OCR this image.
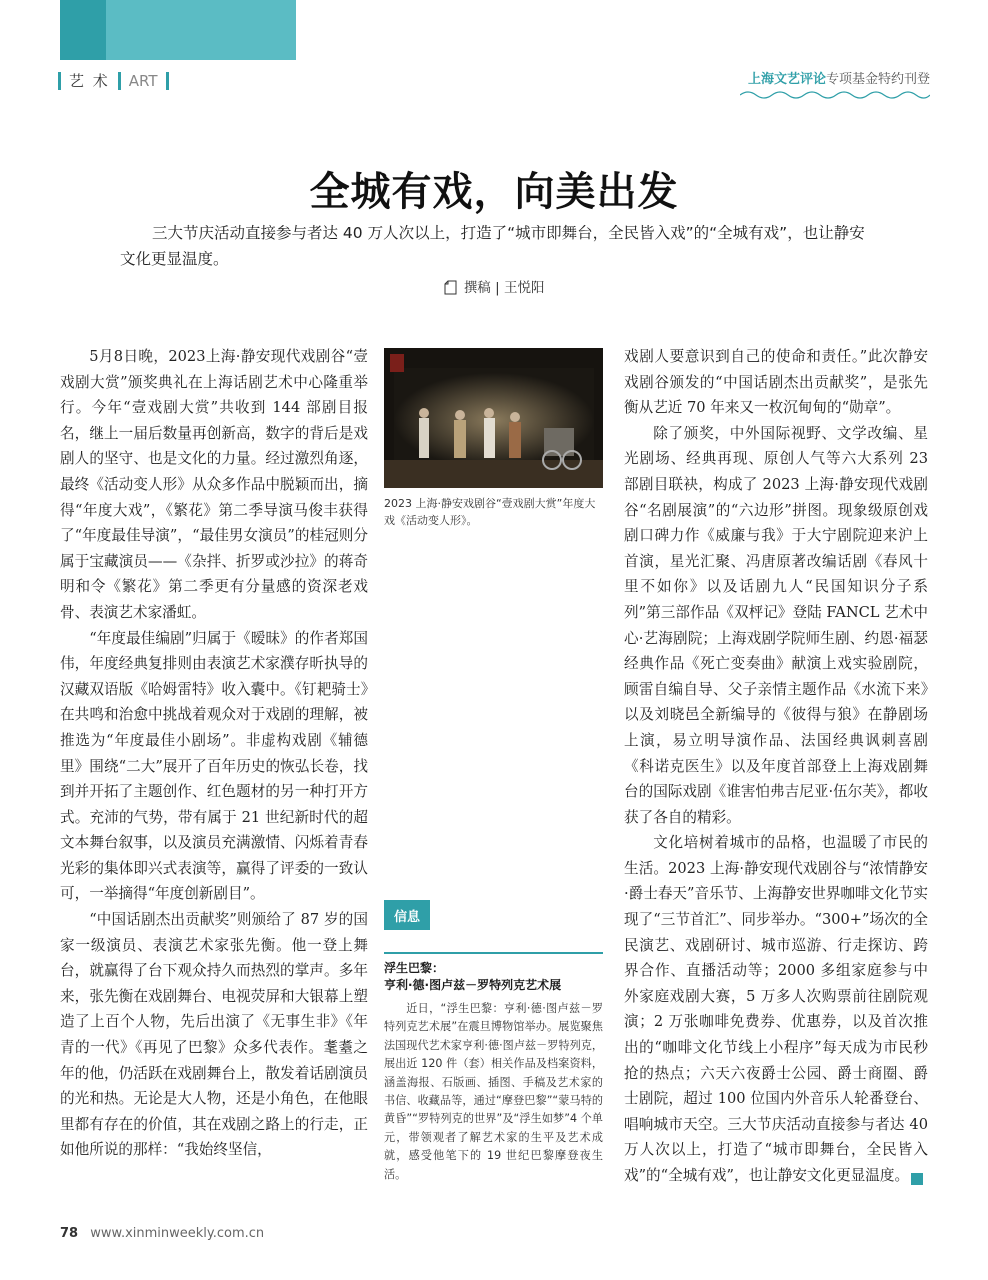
艺 术 ART	上海文艺评论专项基金特约刊登
全城有戏，向美出发
三大节庆活动直接参与者达 40 万人次以上，打造了“城市即舞台，全民皆入戏”的“全城有戏”，也让静安文化更显温度。
撰稿 | 王悦阳

5月8日晚，2023上海·静安现代戏剧谷“壹戏剧大赏”颁奖典礼在上海话剧艺术中心隆重举行。今年“壹戏剧大赏”共收到 144 部剧目报名，继上一届后数量再创新高，数字的背后是戏剧人的坚守、也是文化的力量。经过激烈角逐，最终《活动变人形》从众多作品中脱颖而出，摘得“年度大戏”，《繁花》第二季导演马俊丰获得了“年度最佳导演”，“最佳男女演员”的桂冠则分属于宝藏演员——《杂拌、折罗或沙拉》的蒋奇明和令《繁花》第二季更有分量感的资深老戏骨、表演艺术家潘虹。

“年度最佳编剧”归属于《暧昧》的作者郑国伟，年度经典复排则由表演艺术家濮存昕执导的汉藏双语版《哈姆雷特》收入囊中。《钉耙骑士》在共鸣和治愈中挑战着观众对于戏剧的理解，被推选为“年度最佳小剧场”。非虚构戏剧《辅德里》围绕“二大”展开了百年历史的恢弘长卷，找到并开拓了主题创作、红色题材的另一种打开方式。充沛的气势，带有属于 21 世纪新时代的超文本舞台叙事，以及演员充满激情、闪烁着青春光彩的集体即兴式表演等，赢得了评委的一致认可，一举摘得“年度创新剧目”。

“中国话剧杰出贡献奖”则颁给了 87 岁的国家一级演员、表演艺术家张先衡。他一登上舞台，就赢得了台下观众持久而热烈的掌声。多年来，张先衡在戏剧舞台、电视荧屏和大银幕上塑造了上百个人物，先后出演了《无事生非》《年青的一代》《再见了巴黎》众多代表作。耄耋之年的他，仍活跃在戏剧舞台上，散发着话剧演员的光和热。无论是大人物，还是小角色，在他眼里都有存在的价值，其在戏剧之路上的行走，正如他所说的那样：“我始终坚信，

2023 上海·静安戏剧谷“壹戏剧大赏”年度大戏《活动变人形》。
信息
浮生巴黎：
亨利·德·图卢兹－罗特列克艺术展
近日，“浮生巴黎：亨利·德·图卢兹－罗特列克艺术展”在震旦博物馆举办。展览聚焦法国现代艺术家亨利·德·图卢兹－罗特列克，展出近 120 件（套）相关作品及档案资料，涵盖海报、石版画、插图、手稿及艺术家的书信、收藏品等，通过“摩登巴黎”“蒙马特的黄昏”“罗特列克的世界”及“浮生如梦”4 个单元，带领观者了解艺术家的生平及艺术成就，感受他笔下的 19 世纪巴黎摩登夜生活。

戏剧人要意识到自己的使命和责任。”此次静安戏剧谷颁发的“中国话剧杰出贡献奖”，是张先衡从艺近 70 年来又一枚沉甸甸的“勋章”。

除了颁奖，中外国际视野、文学改编、星光剧场、经典再现、原创人气等六大系列 23 部剧目联袂，构成了 2023 上海·静安现代戏剧谷“名剧展演”的“六边形”拼图。现象级原创戏剧口碑力作《威廉与我》于大宁剧院迎来沪上首演，星光汇聚、冯唐原著改编话剧《春风十里不如你》以及话剧九人“民国知识分子系列”第三部作品《双枰记》登陆 FANCL 艺术中心·艺海剧院；上海戏剧学院师生剧、约恩·福瑟经典作品《死亡变奏曲》献演上戏实验剧院，顾雷自编自导、父子亲情主题作品《水流下来》以及刘晓邑全新编导的《彼得与狼》在静剧场上演，易立明导演作品、法国经典讽刺喜剧《科诺克医生》以及年度首部登上上海戏剧舞台的国际戏剧《谁害怕弗吉尼亚·伍尔芙》，都收获了各自的精彩。

文化培树着城市的品格，也温暖了市民的生活。2023 上海·静安现代戏剧谷与“浓情静安·爵士春天”音乐节、上海静安世界咖啡文化节实现了“三节首汇”、同步举办。“300+”场次的全民演艺、戏剧研讨、城市巡游、行走探访、跨界合作、直播活动等；2000 多组家庭参与中外家庭戏剧大赛，5 万多人次购票前往剧院观演；2 万张咖啡免费券、优惠券，以及首次推出的“咖啡文化节线上小程序”每天成为市民秒抢的热点；六天六夜爵士公园、爵士商圈、爵士剧院，超过 100 位国内外音乐人轮番登台、唱响城市天空。三大节庆活动直接参与者达 40 万人次以上，打造了“城市即舞台，全民皆入戏”的“全城有戏”，也让静安文化更显温度。	民

78 www.xinminweekly.com.cn
